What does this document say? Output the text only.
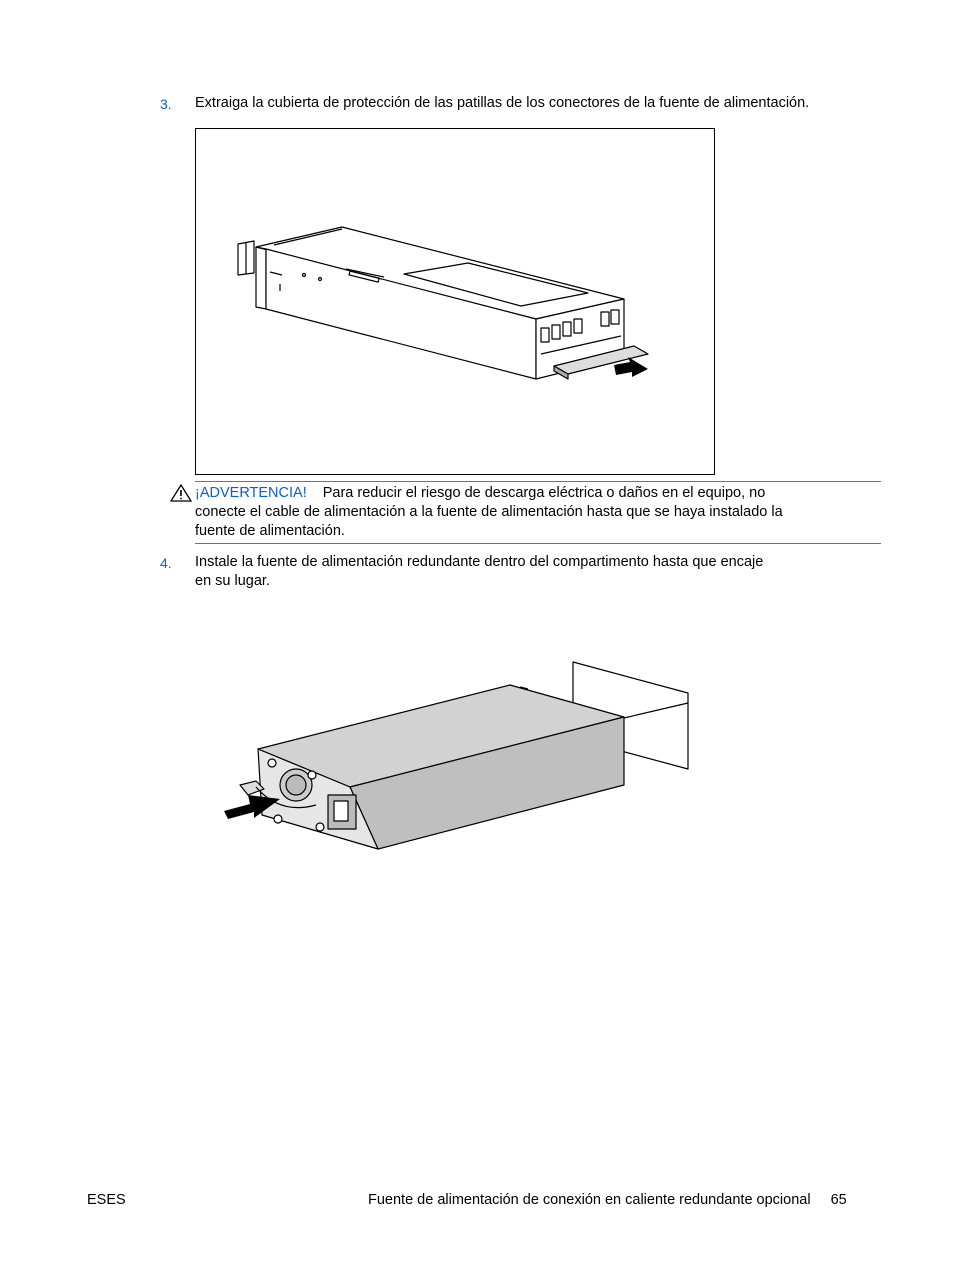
3. Extraiga la cubierta de protección de las patillas de los conectores de la fuente de alimentación.
¡ADVERTENCIA! Para reducir el riesgo de descarga eléctrica o daños en el equipo, no
conecte el cable de alimentación a la fuente de alimentación hasta que se haya instalado la
fuente de alimentación.
4. Instale la fuente de alimentación redundante dentro del compartimento hasta que encaje
en su lugar.
ESES	Fuente de alimentación de conexión en caliente redundante opcional 65
